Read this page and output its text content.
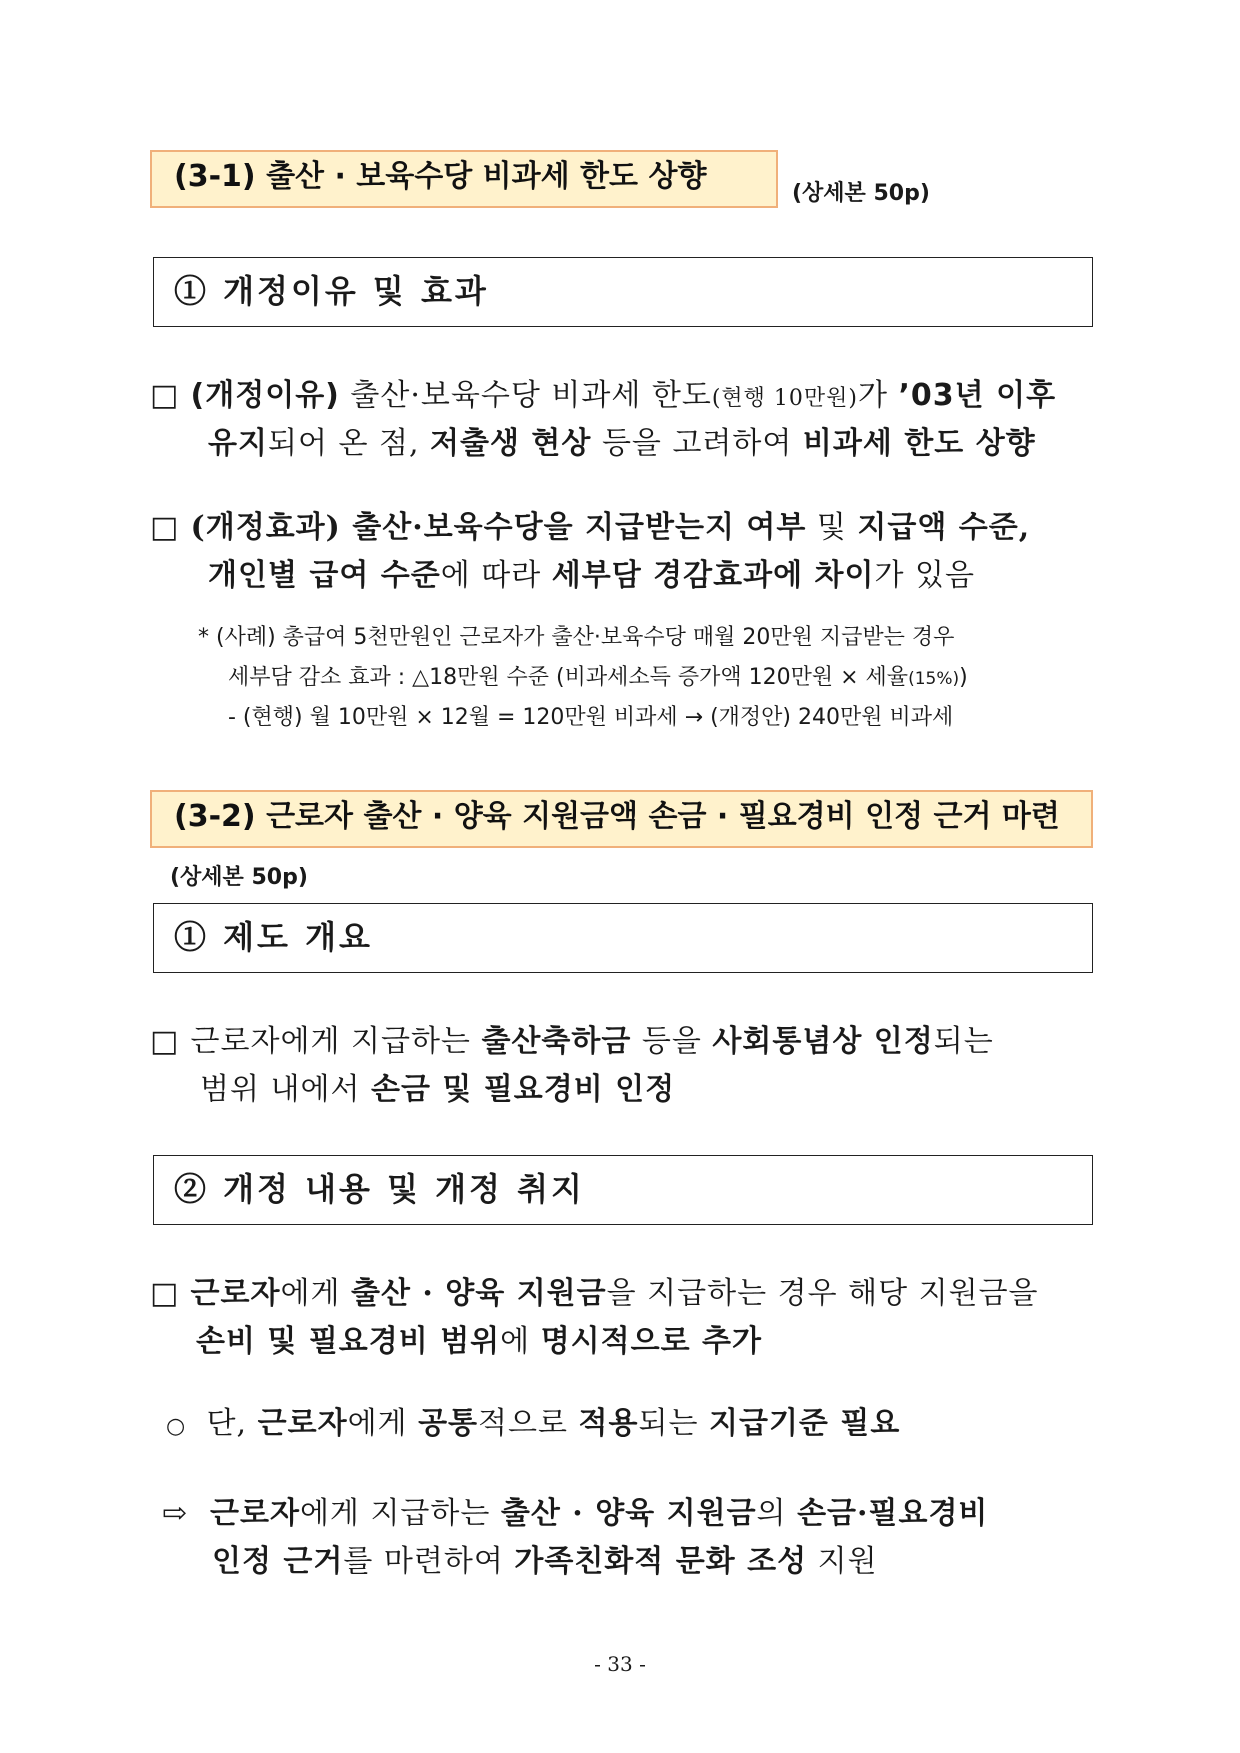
(3-1) 출산 · 보육수당 비과세 한도 상향	(상세본 50p)
① 개정이유 및 효과
□ (개정이유) 출산·보육수당 비과세 한도(현행 10만원)가 ’03년 이후
유지되어 온 점, 저출생 현상 등을 고려하여 비과세 한도 상향
□ (개정효과) 출산·보육수당을 지급받는지 여부 및 지급액 수준,
개인별 급여 수준에 따라 세부담 경감효과에 차이가 있음
* (사례) 총급여 5천만원인 근로자가 출산·보육수당 매월 20만원 지급받는 경우
세부담 감소 효과 : △18만원 수준 (비과세소득 증가액 120만원 × 세율(15%))
- (현행) 월 10만원 × 12월 = 120만원 비과세 → (개정안) 240만원 비과세
(3-2) 근로자 출산 · 양육 지원금액 손금 · 필요경비 인정 근거 마련
(상세본 50p)
① 제도 개요
□ 근로자에게 지급하는 출산축하금 등을 사회통념상 인정되는
범위 내에서 손금 및 필요경비 인정
② 개정 내용 및 개정 취지
□ 근로자에게 출산 · 양육 지원금을 지급하는 경우 해당 지원금을
손비 및 필요경비 범위에 명시적으로 추가
○ 단, 근로자에게 공통적으로 적용되는 지급기준 필요
⇨ 근로자에게 지급하는 출산 · 양육 지원금의 손금·필요경비
인정 근거를 마련하여 가족친화적 문화 조성 지원
- 33 -
